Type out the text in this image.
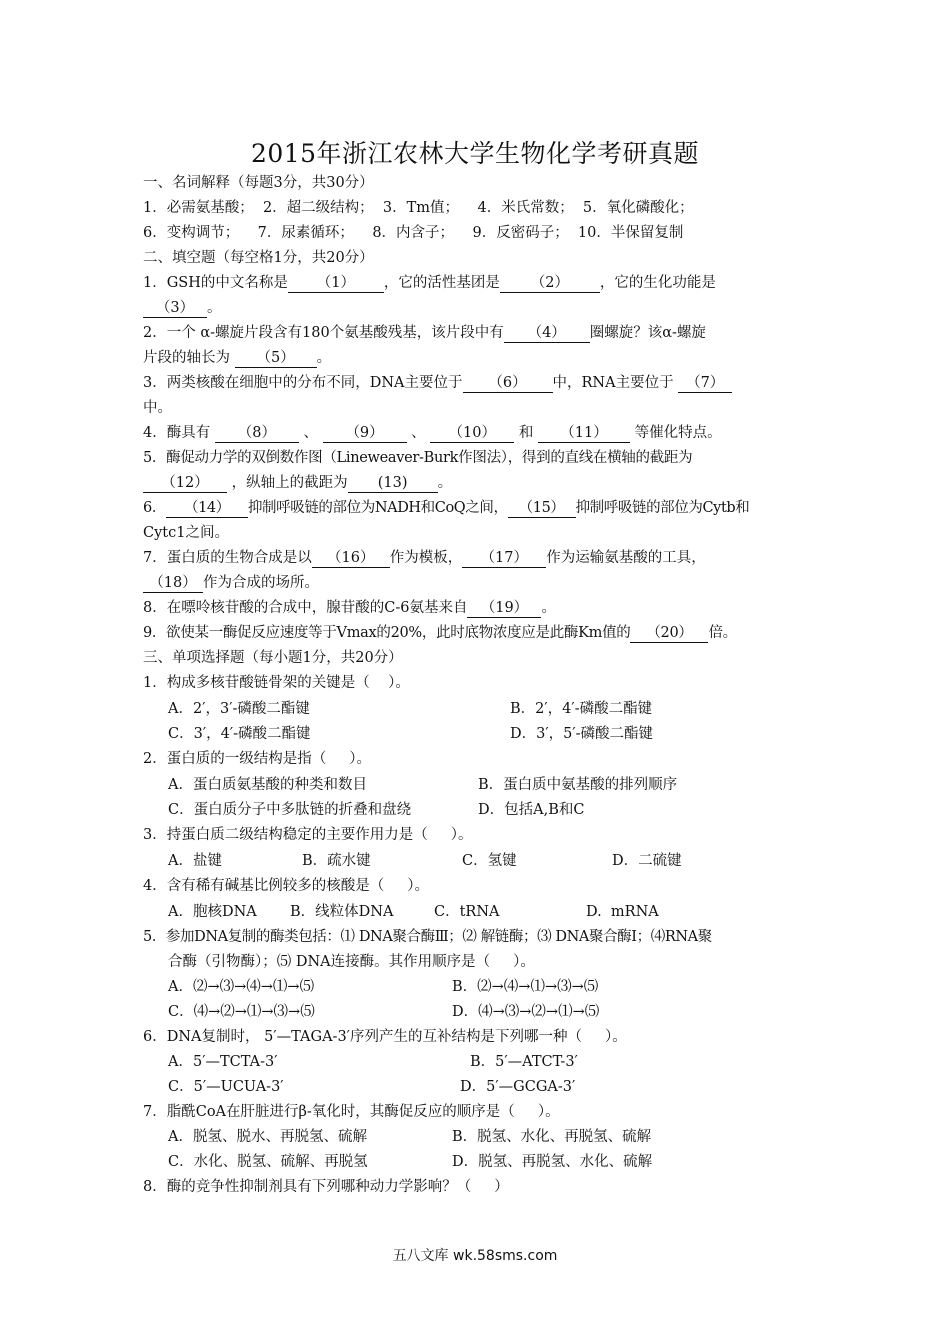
2015年浙江农林大学生物化学考研真题
一、名词解释（每题3分，共30分）
1．必需氨基酸；  2．超二级结构；  3．Tm值；    4．米氏常数；  5．氧化磷酸化；
6．变构调节；    7．尿素循环；    8．内含子；    9．反密码子；  10．半保留复制
二、填空题（每空格1分，共20分）
1．GSH的中文名称是 （1） ，它的活性基团是 （2） ，它的生化功能是
（3） 。
2．一个 α-螺旋片段含有180个氨基酸残基，该片段中有 （4） 圈螺旋？该α-螺旋
片段的轴长为 （5） 。
3．两类核酸在细胞中的分布不同，DNA主要位于 （6） 中，RNA主要位于 （7）
中。
4．酶具有 （8） 、 （9） 、 （10） 和 （11） 等催化特点。
5．酶促动力学的双倒数作图（Lineweaver-Burk作图法），得到的直线在横轴的截距为
（12） ，纵轴上的截距为 (13) 。
6． （14） 抑制呼吸链的部位为NADH和CoQ之间， （15） 抑制呼吸链的部位为Cytb和
Cytc1之间。
7．蛋白质的生物合成是以 （16） 作为模板， （17） 作为运输氨基酸的工具，
（18） 作为合成的场所。
8．在嘌呤核苷酸的合成中，腺苷酸的C-6氨基来自 （19） 。
9．欲使某一酶促反应速度等于Vmax的20%，此时底物浓度应是此酶Km值的 （20） 倍。
三、单项选择题（每小题1分，共20分）
1．构成多核苷酸链骨架的关键是（    ）。
A．2′，3′-磷酸二酯键	B．2′，4′-磷酸二酯键
C．3′，4′-磷酸二酯键	D．3′，5′-磷酸二酯键
2．蛋白质的一级结构是指（     ）。
A．蛋白质氨基酸的种类和数目	B．蛋白质中氨基酸的排列顺序
C．蛋白质分子中多肽链的折叠和盘绕	D．包括A,B和C
3．持蛋白质二级结构稳定的主要作用力是（     ）。
A．盐键	B．疏水键	C．氢键	D．二硫键
4．含有稀有碱基比例较多的核酸是（     ）。
A．胞核DNA B．线粒体DNA	C．tRNA	D.  mRNA
5．参加DNA复制的酶类包括：⑴ DNA聚合酶Ⅲ；⑵ 解链酶；⑶ DNA聚合酶Ⅰ；⑷RNA聚
合酶（引物酶）；⑸ DNA连接酶。其作用顺序是（     ）。
A．⑵→⑶→⑷→⑴→⑸	B．⑵→⑷→⑴→⑶→⑸
C．⑷→⑵→⑴→⑶→⑸	D．⑷→⑶→⑵→⑴→⑸
6．DNA复制时， 5′—TAGA-3′序列产生的互补结构是下列哪一种（     ）。
A．5′—TCTA-3′	B．5′—ATCT-3′
C．5′—UCUA-3′	D．5′—GCGA-3′
7．脂酰CoA在肝脏进行β-氧化时，其酶促反应的顺序是（     ）。
A．脱氢、脱水、再脱氢、硫解	B．脱氢、水化、再脱氢、硫解
C．水化、脱氢、硫解、再脱氢	D．脱氢、再脱氢、水化、硫解
8．酶的竞争性抑制剂具有下列哪种动力学影响？（     ）
五八文库 wk.58sms.com
